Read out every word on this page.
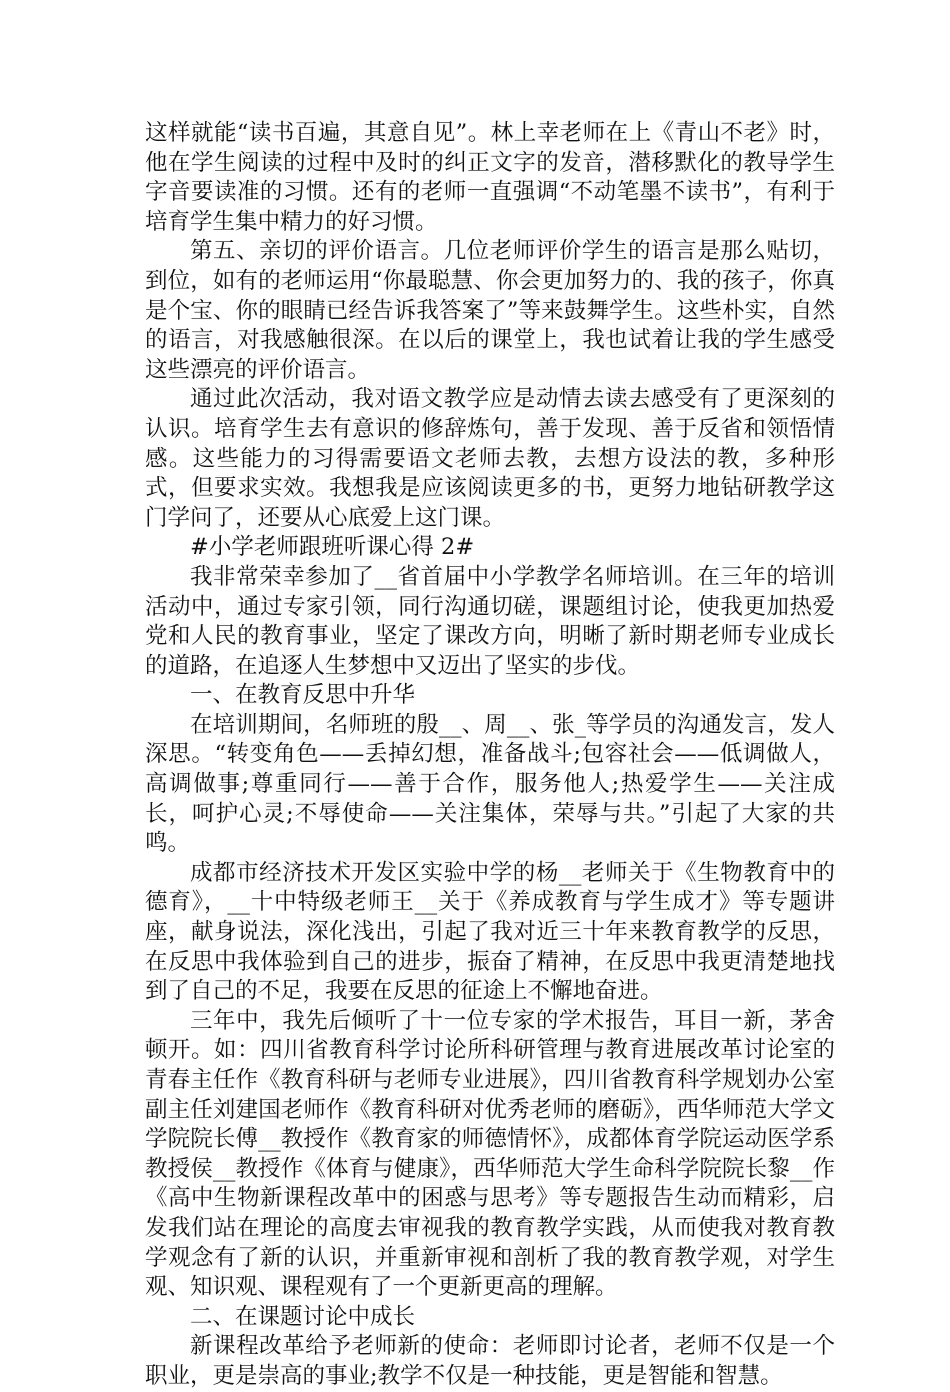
这样就能“读书百遍，其意自见”。林上幸老师在上《青山不老》时，他在学生阅读的过程中及时的纠正文字的发音，潜移默化的教导学生字音要读准的习惯。还有的老师一直强调“不动笔墨不读书”，有利于培育学生集中精力的好习惯。

第五、亲切的评价语言。几位老师评价学生的语言是那么贴切，到位，如有的老师运用“你最聪慧、你会更加努力的、我的孩子，你真是个宝、你的眼睛已经告诉我答案了”等来鼓舞学生。这些朴实，自然的语言，对我感触很深。在以后的课堂上，我也试着让我的学生感受这些漂亮的评价语言。

通过此次活动，我对语文教学应是动情去读去感受有了更深刻的认识。培育学生去有意识的修辞炼句，善于发现、善于反省和领悟情感。这些能力的习得需要语文老师去教，去想方设法的教，多种形式，但要求实效。我想我是应该阅读更多的书，更努力地钻研教学这门学问了，还要从心底爱上这门课。

#小学老师跟班听课心得 2#

我非常荣幸参加了__省首届中小学教学名师培训。在三年的培训活动中，通过专家引领，同行沟通切磋，课题组讨论，使我更加热爱党和人民的教育事业，坚定了课改方向，明晰了新时期老师专业成长的道路，在追逐人生梦想中又迈出了坚实的步伐。

一、在教育反思中升华

在培训期间，名师班的殷__、周__、张_等学员的沟通发言，发人深思。“转变角色——丢掉幻想，准备战斗;包容社会——低调做人，高调做事;尊重同行——善于合作，服务他人;热爱学生——关注成长，呵护心灵;不辱使命——关注集体，荣辱与共。”引起了大家的共鸣。

成都市经济技术开发区实验中学的杨__老师关于《生物教育中的德育》，__十中特级老师王__关于《养成教育与学生成才》等专题讲座，献身说法，深化浅出，引起了我对近三十年来教育教学的反思，在反思中我体验到自己的进步，振奋了精神，在反思中我更清楚地找到了自己的不足，我要在反思的征途上不懈地奋进。

三年中，我先后倾听了十一位专家的学术报告，耳目一新，茅舍顿开。如：四川省教育科学讨论所科研管理与教育进展改革讨论室的青春主任作《教育科研与老师专业进展》，四川省教育科学规划办公室副主任刘建国老师作《教育科研对优秀老师的磨砺》，西华师范大学文学院院长傅__教授作《教育家的师德情怀》，成都体育学院运动医学系教授侯__教授作《体育与健康》，西华师范大学生命科学院院长黎__作《高中生物新课程改革中的困惑与思考》等专题报告生动而精彩，启发我们站在理论的高度去审视我的教育教学实践，从而使我对教育教学观念有了新的认识，并重新审视和剖析了我的教育教学观，对学生观、知识观、课程观有了一个更新更高的理解。

二、在课题讨论中成长

新课程改革给予老师新的使命：老师即讨论者，老师不仅是一个职业，更是崇高的事业;教学不仅是一种技能，更是智能和智慧。
